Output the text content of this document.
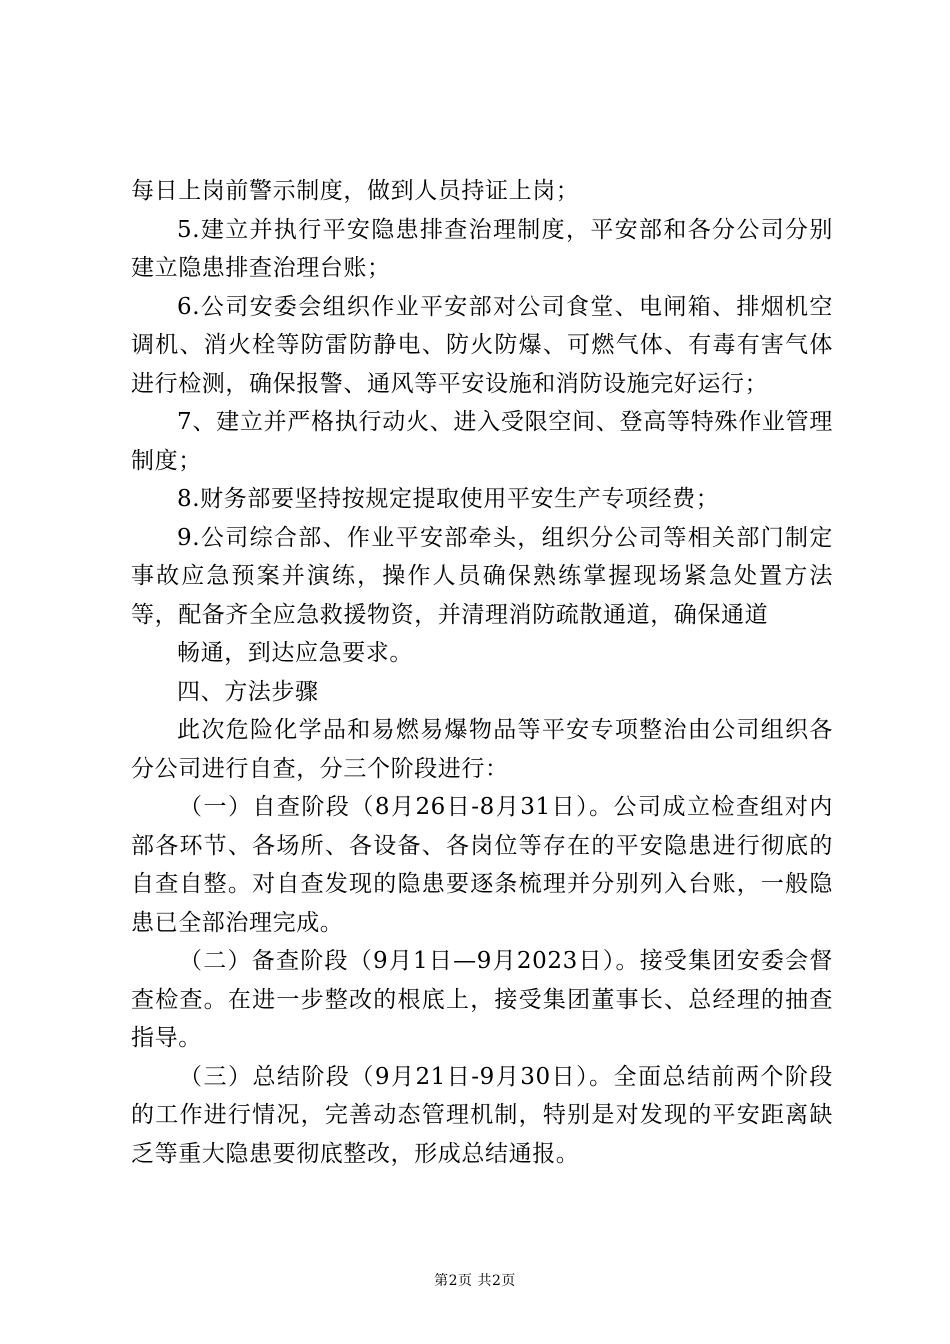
每日上岗前警示制度，做到人员持证上岗；

5.建立并执行平安隐患排查治理制度，平安部和各分公司分别建立隐患排查治理台账；

6.公司安委会组织作业平安部对公司食堂、电闸箱、排烟机空调机、消火栓等防雷防静电、防火防爆、可燃气体、有毒有害气体进行检测，确保报警、通风等平安设施和消防设施完好运行；

7、建立并严格执行动火、进入受限空间、登高等特殊作业管理制度；

8.财务部要坚持按规定提取使用平安生产专项经费；

9.公司综合部、作业平安部牵头，组织分公司等相关部门制定事故应急预案并演练，操作人员确保熟练掌握现场紧急处置方法等，配备齐全应急救援物资，并清理消防疏散通道，确保通道

畅通，到达应急要求。

四、方法步骤

此次危险化学品和易燃易爆物品等平安专项整治由公司组织各分公司进行自查，分三个阶段进行：

（一）自查阶段（8月26日-8月31日）。公司成立检查组对内部各环节、各场所、各设备、各岗位等存在的平安隐患进行彻底的自查自整。对自查发现的隐患要逐条梳理并分别列入台账，一般隐患已全部治理完成。

（二）备查阶段（9月1日—9月2023日）。接受集团安委会督查检查。在进一步整改的根底上，接受集团董事长、总经理的抽查指导。

（三）总结阶段（9月21日-9月30日）。全面总结前两个阶段的工作进行情况，完善动态管理机制，特别是对发现的平安距离缺乏等重大隐患要彻底整改，形成总结通报。

第2页 共2页
